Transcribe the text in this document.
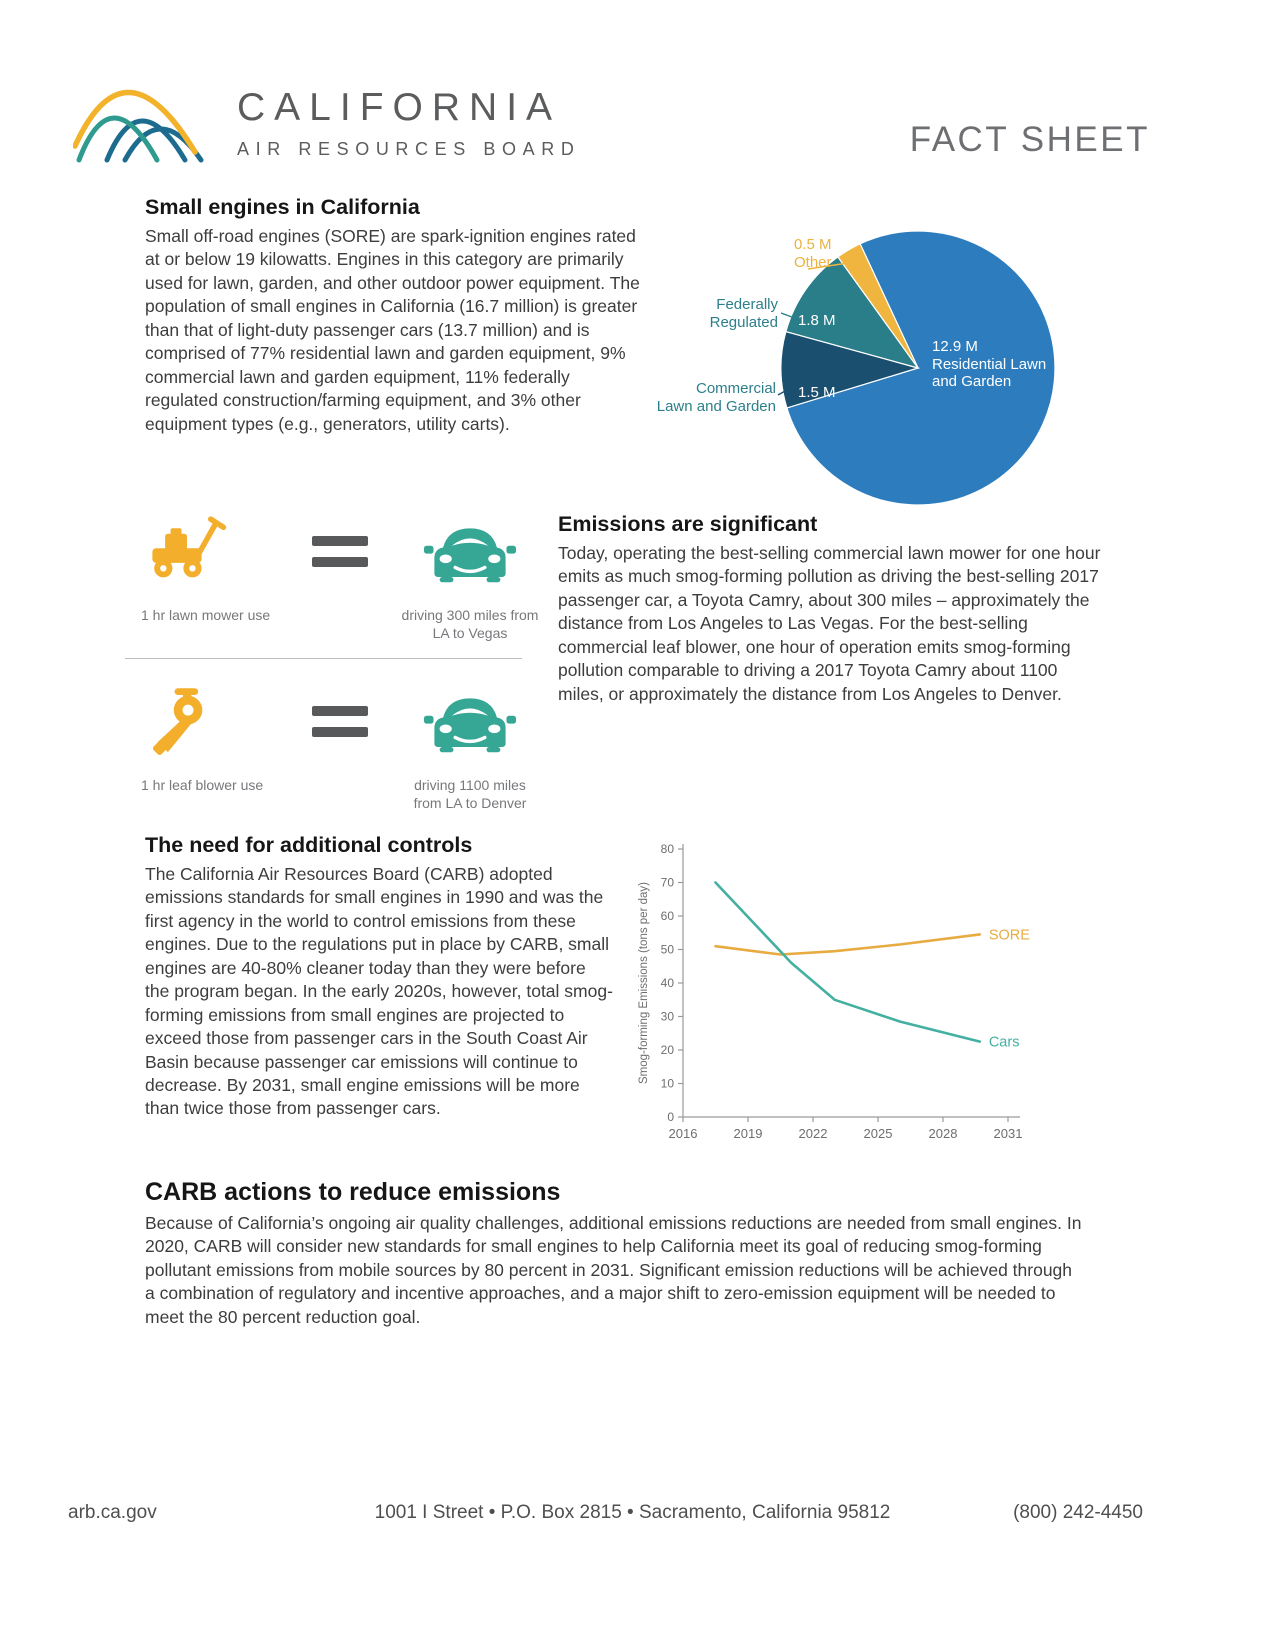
CALIFORNIA
AIR RESOURCES BOARD	FACT SHEET
Small engines in California

Small off-road engines (SORE) are spark-ignition engines rated at or below 19 kilowatts. Engines in this category are primarily used for lawn, garden, and other outdoor power equipment. The population of small engines in California (16.7 million) is greater than that of light-duty passenger cars (13.7 million) and is comprised of 77% residential lawn and garden equipment, 9% commercial lawn and garden equipment, 11% federally regulated construction/farming equipment, and 3% other equipment types (e.g., generators, utility carts).

0.5 M
Other
Federally Regulated 1.8 M
Commercial Lawn and Garden
1.5 M
12.9 M
Residential Lawn and Garden
1 hr lawn mower use	driving 300 miles from LA to Vegas
1 hr leaf blower use	driving 1100 miles from LA to Denver
Emissions are significant

Today, operating the best-selling commercial lawn mower for one hour emits as much smog-forming pollution as driving the best-selling 2017 passenger car, a Toyota Camry, about 300 miles – approximately the distance from Los Angeles to Las Vegas. For the best-selling commercial leaf blower, one hour of operation emits smog-forming pollution comparable to driving a 2017 Toyota Camry about 1100 miles, or approximately the distance from Los Angeles to Denver.

The need for additional controls

The California Air Resources Board (CARB) adopted emissions standards for small engines in 1990 and was the first agency in the world to control emissions from these engines. Due to the regulations put in place by CARB, small engines are 40-80% cleaner today than they were before the program began. In the early 2020s, however, total smog-forming emissions from small engines are projected to exceed those from passenger cars in the South Coast Air Basin because passenger car emissions will continue to decrease. By 2031, small engine emissions will be more than twice those from passenger cars.

Smog-forming Emissions (tons per day)
0
10
20
30
40
50
60
70
80
2016	2019	2022	2025	2028	2031
SORE
Cars
CARB actions to reduce emissions

Because of California’s ongoing air quality challenges, additional emissions reductions are needed from small engines. In 2020, CARB will consider new standards for small engines to help California meet its goal of reducing smog-forming pollutant emissions from mobile sources by 80 percent in 2031. Significant emission reductions will be achieved through a combination of regulatory and incentive approaches, and a major shift to zero-emission equipment will be needed to meet the 80 percent reduction goal.

arb.ca.gov	1001 I Street • P.O. Box 2815 • Sacramento, California 95812	(800) 242-4450
